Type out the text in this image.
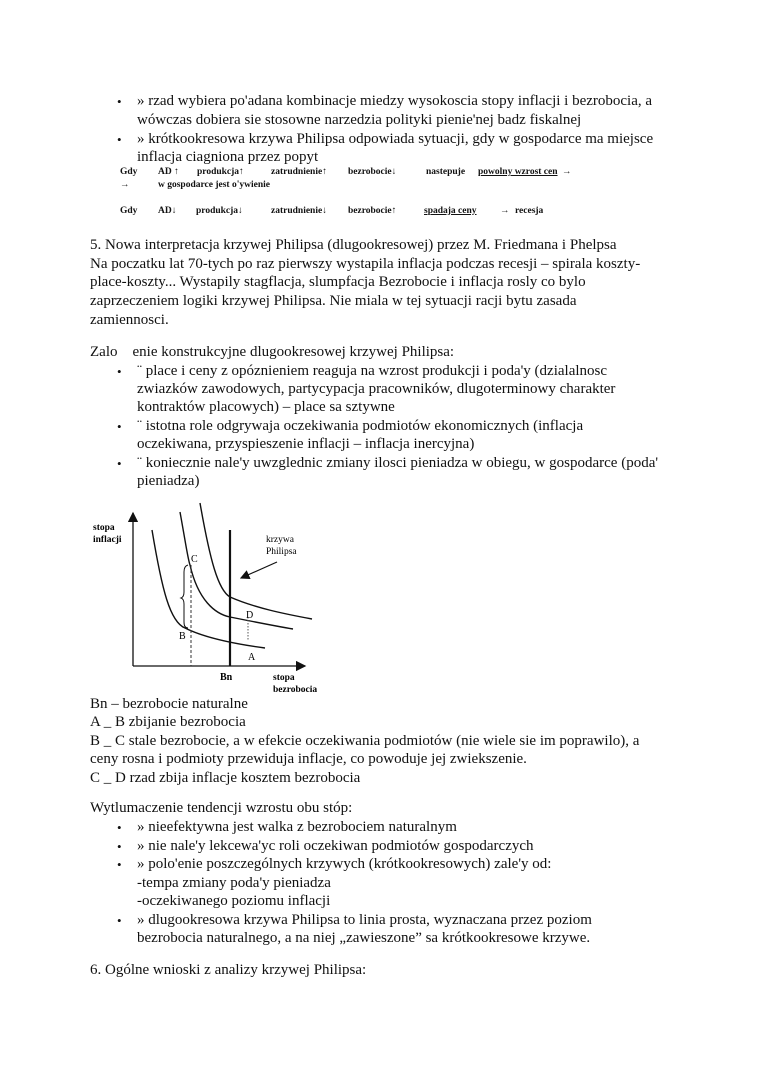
• » rzad wybiera po'adana kombinacje miedzy wysokoscia stopy inflacji i bezrobocia, a
wówczas dobiera sie stosowne narzedzia polityki pienie'nej badz fiskalnej
• » krótkookresowa krzywa Philipsa odpowiada sytuacji, gdy w gospodarce ma miejsce
inflacja ciagniona przez popyt
Gdy AD ↑ produkcja↑	zatrudnienie↑ bezrobocie↓	nastepuje powolny wzrost cen →
→	w gospodarce jest o'ywienie
Gdy AD↓ produkcja↓	zatrudnienie↓ bezrobocie↑	spadaja ceny → recesja
5. Nowa interpretacja krzywej Philipsa (dlugookresowej) przez M. Friedmana i Phelpsa
Na poczatku lat 70-tych po raz pierwszy wystapila inflacja podczas recesji – spirala koszty-
place-koszty... Wystapily stagflacja, slumpfacja Bezrobocie i inflacja rosly co bylo
zaprzeczeniem logiki krzywej Philipsa. Nie miala w tej sytuacji racji bytu zasada
zamiennosci.
Zalo    enie konstrukcyjne dlugookresowej krzywej Philipsa:
• ¨ place i ceny z opóznieniem reaguja na wzrost produkcji i poda'y (dzialalnosc
zwiazków zawodowych, partycypacja pracowników, dlugoterminowy charakter
kontraktów placowych) – place sa sztywne
• ¨ istotna role odgrywaja oczekiwania podmiotów ekonomicznych (inflacja
oczekiwana, przyspieszenie inflacji – inflacja inercyjna)
• ¨ koniecznie nale'y uwzglednic zmiany ilosci pieniadza w obiegu, w gospodarce (poda'
pieniadza)
stopa
inflacji
stopa
bezrobocia
krzywa
Philipsa
Bn
C
D
B
A
Bn – bezrobocie naturalne
A _ B zbijanie bezrobocia
B _ C stale bezrobocie, a w efekcie oczekiwania podmiotów (nie wiele sie im poprawilo), a
ceny rosna i podmioty przewiduja inflacje, co powoduje jej zwiekszenie.
C _ D rzad zbija inflacje kosztem bezrobocia
Wytlumaczenie tendencji wzrostu obu stóp:
• » nieefektywna jest walka z bezrobociem naturalnym
• » nie nale'y lekcewa'yc roli oczekiwan podmiotów gospodarczych
• » polo'enie poszczególnych krzywych (krótkookresowych) zale'y od:
-tempa zmiany poda'y pieniadza
-oczekiwanego poziomu inflacji
• » dlugookresowa krzywa Philipsa to linia prosta, wyznaczana przez poziom
bezrobocia naturalnego, a na niej „zawieszone” sa krótkookresowe krzywe.
6. Ogólne wnioski z analizy krzywej Philipsa:
